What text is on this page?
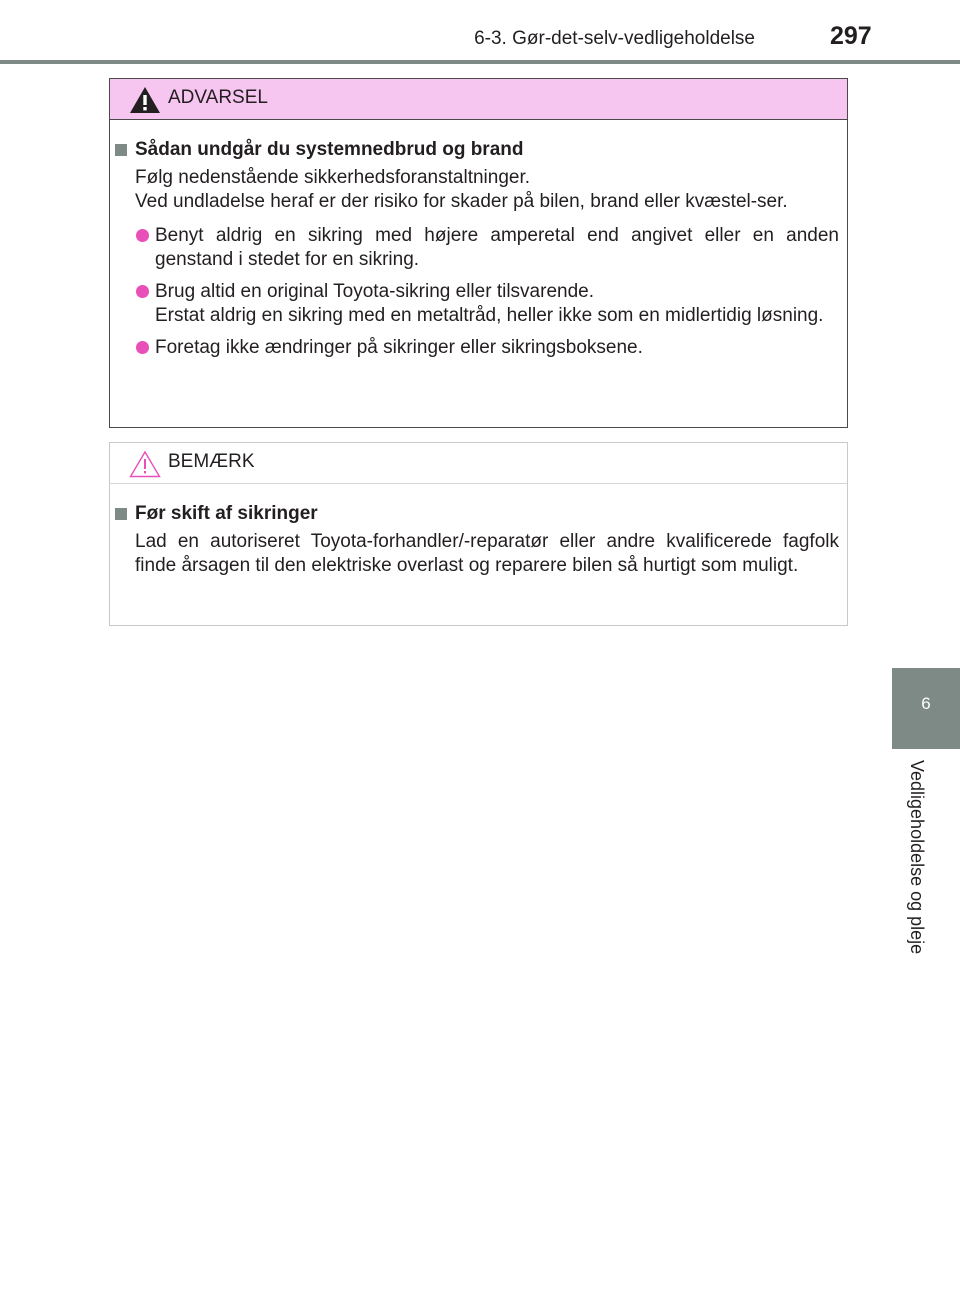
6-3. Gør-det-selv-vedligeholdelse	297
6
Vedligeholdelse og pleje
ADVARSEL
Sådan undgår du systemnedbrud og brand
Følg nedenstående sikkerhedsforanstaltninger.
Ved undladelse heraf er der risiko for skader på bilen, brand eller kvæstel-ser.
Benyt aldrig en sikring med højere amperetal end angivet eller en anden genstand i stedet for en sikring.
Brug altid en original Toyota-sikring eller tilsvarende.
Erstat aldrig en sikring med en metaltråd, heller ikke som en midlertidig løsning.
Foretag ikke ændringer på sikringer eller sikringsboksene.
BEMÆRK
Før skift af sikringer
Lad en autoriseret Toyota-forhandler/-reparatør eller andre kvalificerede fagfolk finde årsagen til den elektriske overlast og reparere bilen så hurtigt som muligt.
